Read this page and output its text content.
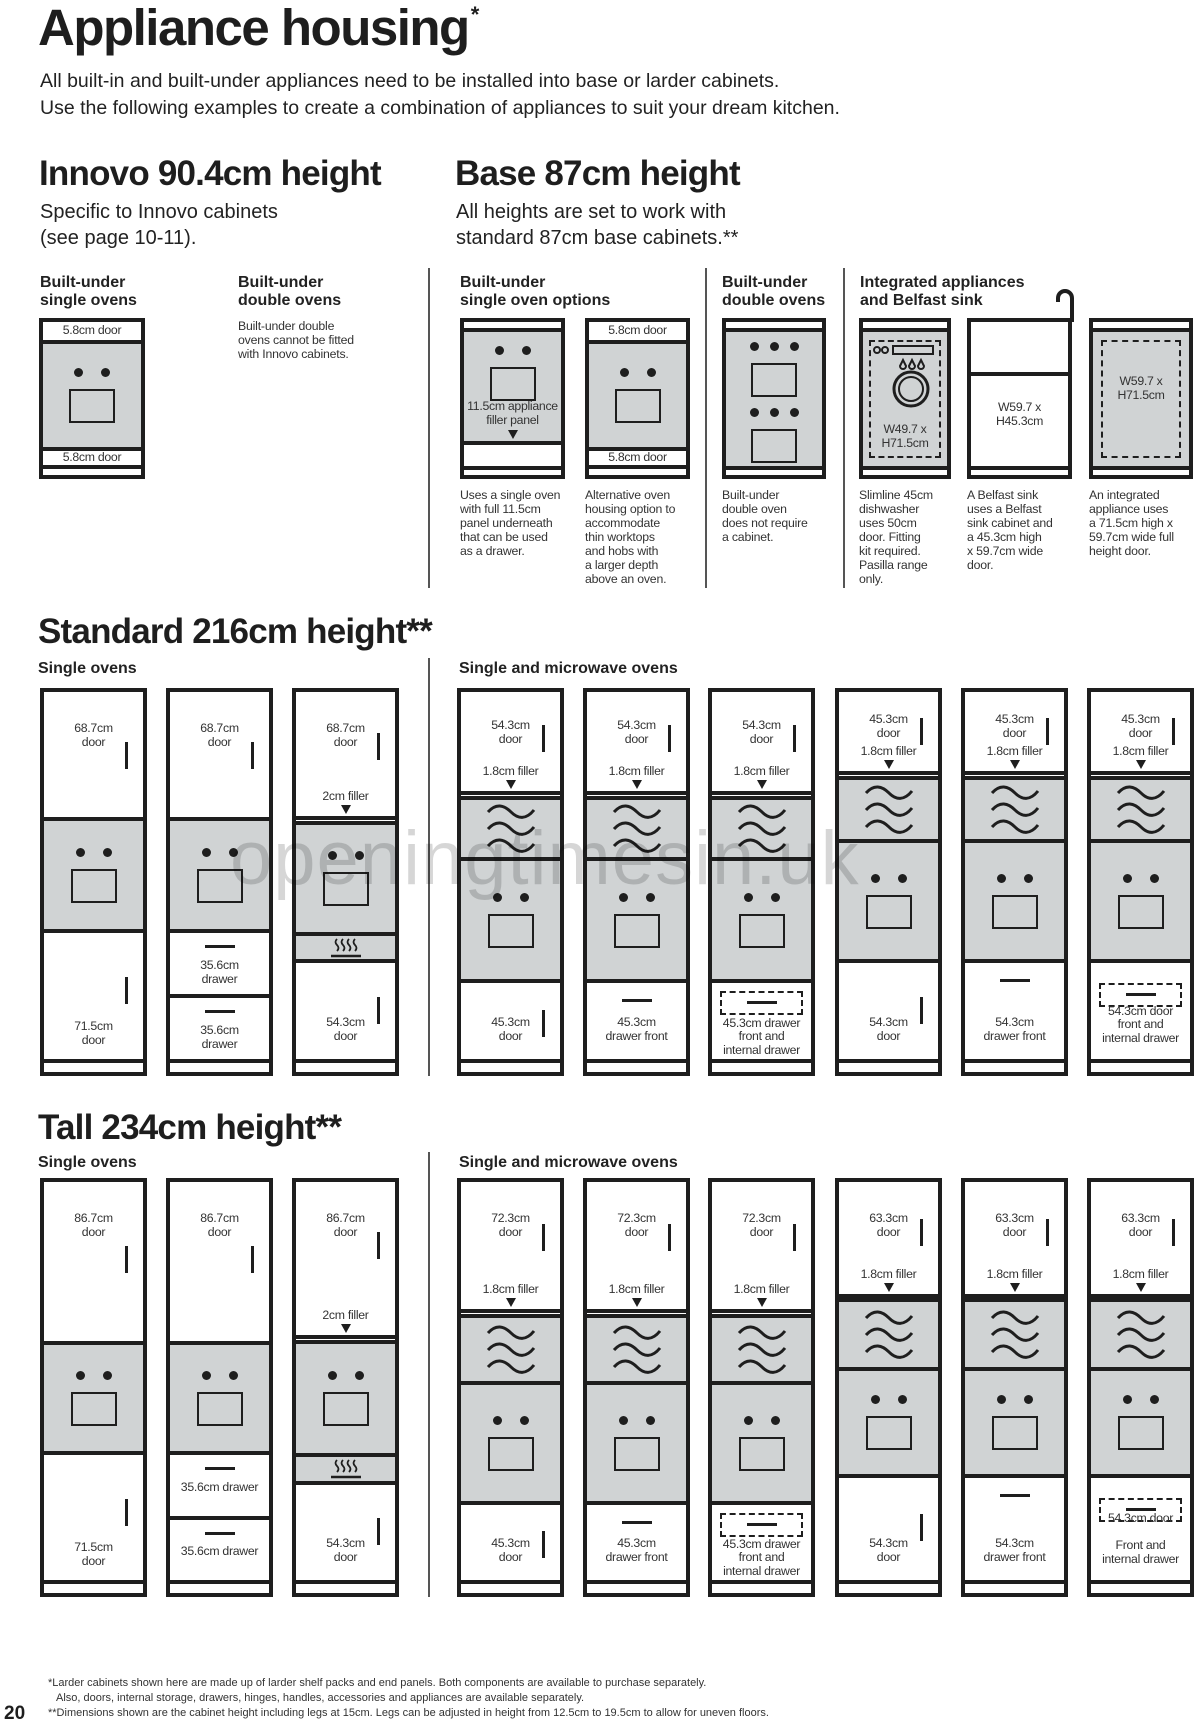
Appliance housing*
All built-in and built-under appliances need to be installed into base or larder cabinets.
Use the following examples to create a combination of appliances to suit your dream kitchen.
Innovo 90.4cm height
Specific to Innovo cabinets
(see page 10-11).
Base 87cm height
All heights are set to work with
standard 87cm base cabinets.**
Built-under
single ovens
Built-under
double ovens
Built-under double
ovens cannot be fitted
with Innovo cabinets.
Built-under
single oven options
Built-under
double ovens
Integrated appliances
and Belfast sink
Standard 216cm height**
Single ovens	Single and microwave ovens
Tall 234cm height**
Single ovens	Single and microwave ovens
*Larder cabinets shown here are made up of larder shelf packs and end panels. Both components are available to purchase separately.
Also, doors, internal storage, drawers, hinges, handles, accessories and appliances are available separately.
**Dimensions shown are the cabinet height including legs at 15cm. Legs can be adjusted in height from 12.5cm to 19.5cm to allow for uneven floors.
20
5.8cm door
5.8cm door
11.5cm appliance
filler panel
Uses a single oven
with full 11.5cm
panel underneath
that can be used
as a drawer.
5.8cm door
5.8cm door
Alternative oven
housing option to
accommodate
thin worktops
and hobs with
a larger depth
above an oven.
Built-under
double oven
does not require
a cabinet.
W49.7 x
H71.5cm
Slimline 45cm
dishwasher
uses 50cm
door. Fitting
kit required.
Pasilla range
only.
W59.7 x
H45.3cm
A Belfast sink
uses a Belfast
sink cabinet and
a 45.3cm high
x 59.7cm wide
door.
W59.7 x
H71.5cm
An integrated
appliance uses
a 71.5cm high x
59.7cm wide full
height door.
68.7cm
door
71.5cm
door
68.7cm
door
35.6cm
drawer
35.6cm
drawer
68.7cm
door
2cm filler
54.3cm
door
54.3cm
door
1.8cm filler
45.3cm
door
54.3cm
door
1.8cm filler
45.3cm
drawer front
54.3cm
door
1.8cm filler
45.3cm drawer
front and
internal drawer
45.3cm
door
1.8cm filler
54.3cm
door
45.3cm
door
1.8cm filler
54.3cm
drawer front
45.3cm
door
1.8cm filler
54.3cm door
front and
internal drawer
86.7cm
door
71.5cm
door
86.7cm
door
35.6cm drawer
35.6cm drawer
86.7cm
door
2cm filler
54.3cm
door
72.3cm
door
1.8cm filler
45.3cm
door
72.3cm
door
1.8cm filler
45.3cm
drawer front
72.3cm
door
1.8cm filler
45.3cm drawer
front and
internal drawer
63.3cm
door
1.8cm filler
54.3cm
door
63.3cm
door
1.8cm filler
54.3cm
drawer front
63.3cm
door
1.8cm filler
54.3cm door

Front and
internal drawer
